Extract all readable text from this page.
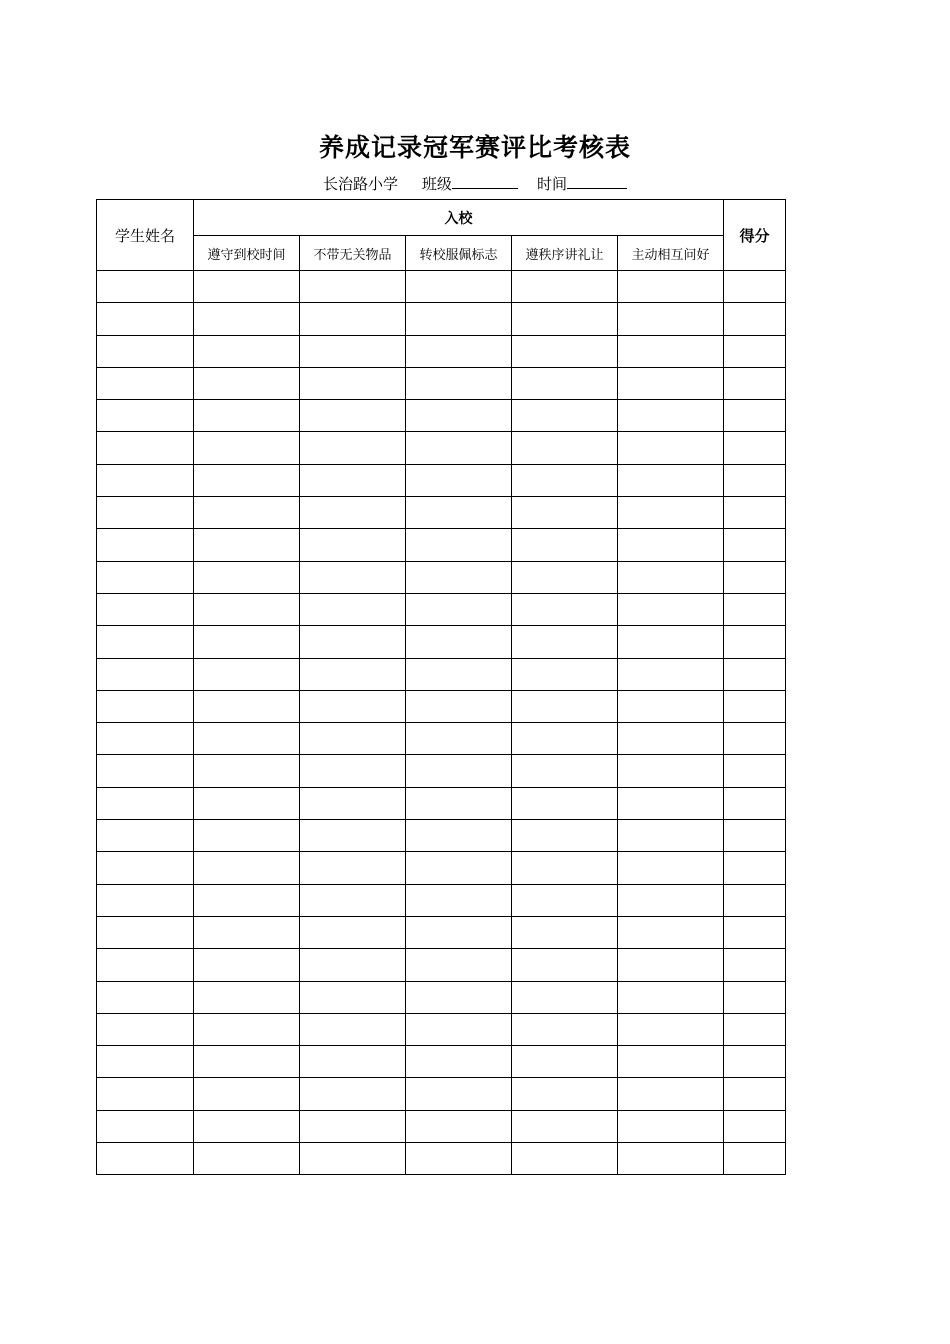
养成记录冠军赛评比考核表
长治路小学 班级	时间
学生姓名	入校					得分
	遵守到校时间	不带无关物品	转校服佩标志	遵秩序讲礼让	主动相互问好	
